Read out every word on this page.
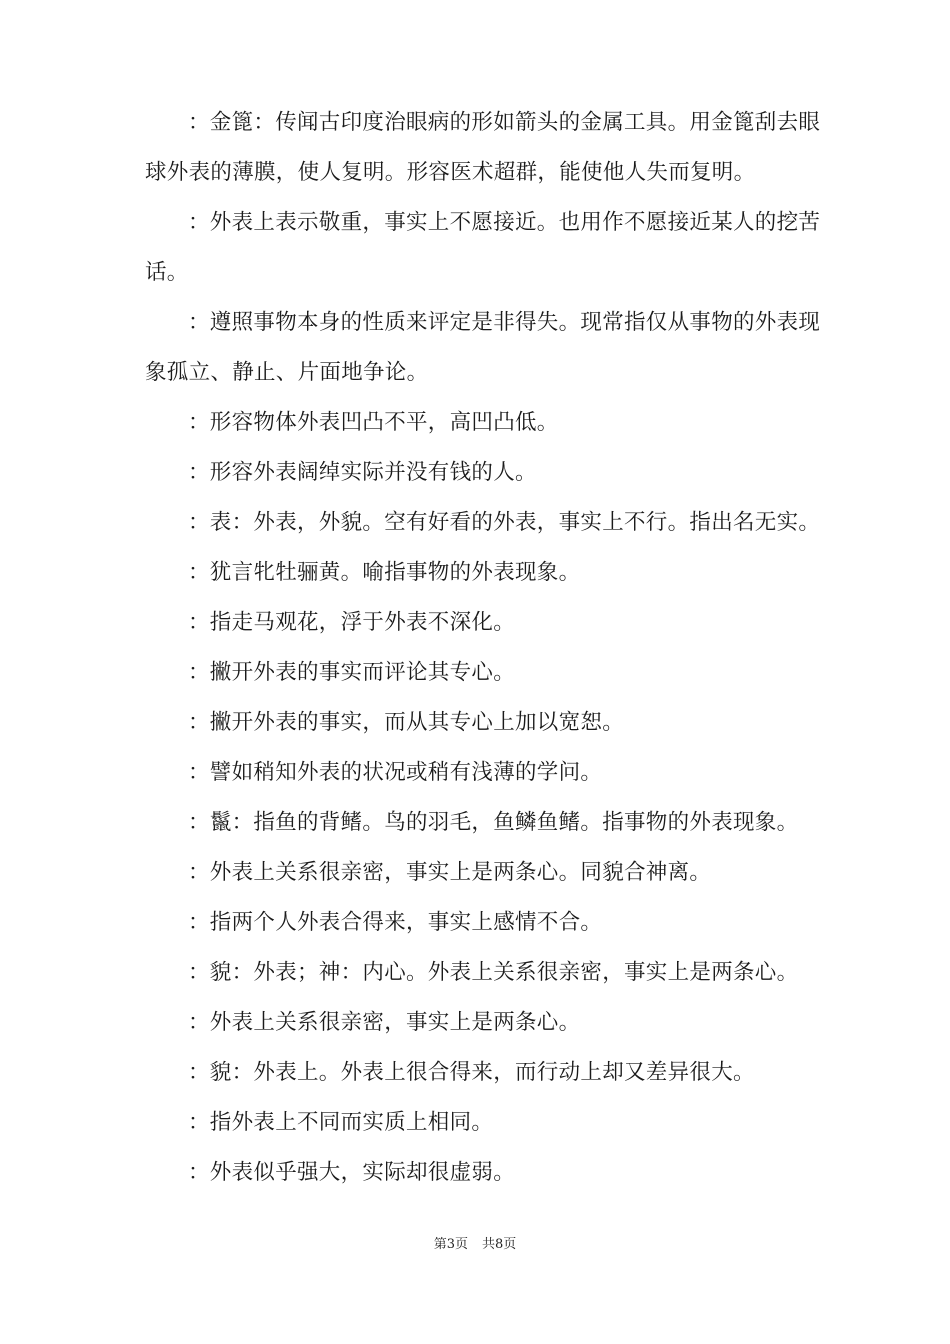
：金篦：传闻古印度治眼病的形如箭头的金属工具。用金篦刮去眼球外表的薄膜，使人复明。形容医术超群，能使他人失而复明。

：外表上表示敬重，事实上不愿接近。也用作不愿接近某人的挖苦话。

：遵照事物本身的性质来评定是非得失。现常指仅从事物的外表现象孤立、静止、片面地争论。

：形容物体外表凹凸不平，高凹凸低。

：形容外表阔绰实际并没有钱的人。

：表：外表，外貌。空有好看的外表，事实上不行。指出名无实。

：犹言牝牡骊黄。喻指事物的外表现象。

：指走马观花，浮于外表不深化。

：撇开外表的事实而评论其专心。

：撇开外表的事实，而从其专心上加以宽恕。

：譬如稍知外表的状况或稍有浅薄的学问。

：鬣：指鱼的背鳍。鸟的羽毛，鱼鳞鱼鳍。指事物的外表现象。

：外表上关系很亲密，事实上是两条心。同貌合神离。

：指两个人外表合得来，事实上感情不合。

：貌：外表；神：内心。外表上关系很亲密，事实上是两条心。

：外表上关系很亲密，事实上是两条心。

：貌：外表上。外表上很合得来，而行动上却又差异很大。

：指外表上不同而实质上相同。

：外表似乎强大，实际却很虚弱。

第3页 共8页
